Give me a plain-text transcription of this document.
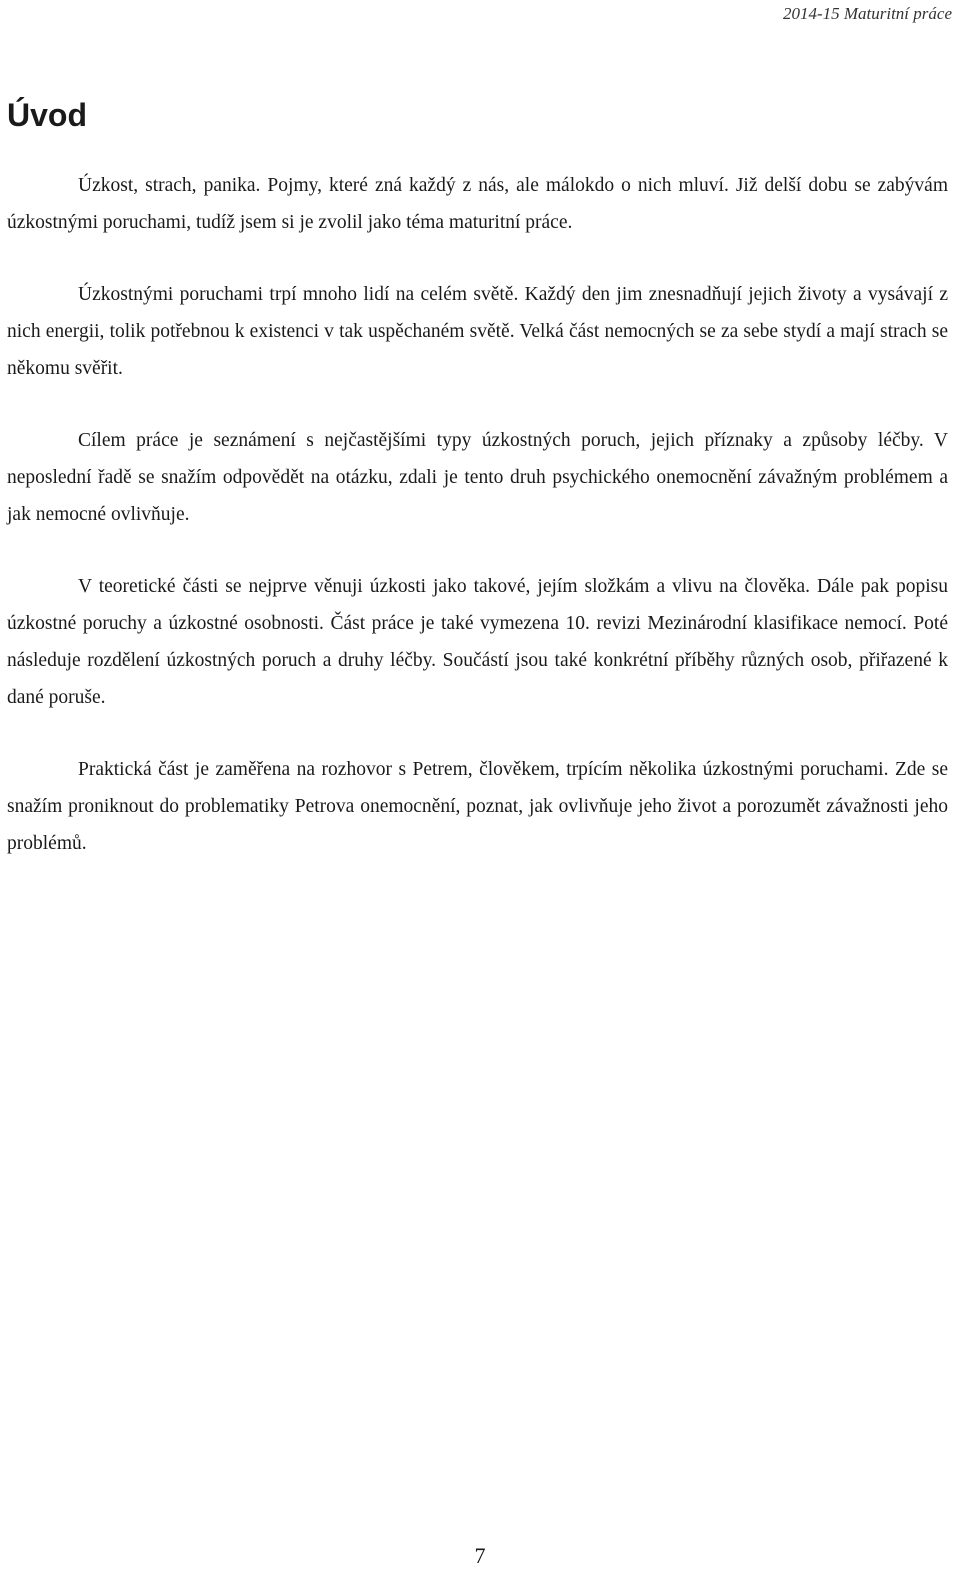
2014-15 Maturitní práce
Úvod

Úzkost, strach, panika. Pojmy, které zná každý z nás, ale málokdo o nich mluví. Již delší dobu se zabývám úzkostnými poruchami, tudíž jsem si je zvolil jako téma maturitní práce.

Úzkostnými poruchami trpí mnoho lidí na celém světě. Každý den jim znesnadňují jejich životy a vysávají z nich energii, tolik potřebnou k existenci v tak uspěchaném světě. Velká část nemocných se za sebe stydí a mají strach se někomu svěřit.

Cílem práce je seznámení s nejčastějšími typy úzkostných poruch, jejich příznaky a způsoby léčby. V neposlední řadě se snažím odpovědět na otázku, zdali je tento druh psychického onemocnění závažným problémem a jak nemocné ovlivňuje.

V teoretické části se nejprve věnuji úzkosti jako takové, jejím složkám a vlivu na člověka. Dále pak popisu úzkostné poruchy a úzkostné osobnosti. Část práce je také vymezena 10. revizi Mezinárodní klasifikace nemocí. Poté následuje rozdělení úzkostných poruch a druhy léčby. Součástí jsou také konkrétní příběhy různých osob, přiřazené k dané poruše.

Praktická část je zaměřena na rozhovor s Petrem, člověkem, trpícím několika úzkostnými poruchami. Zde se snažím proniknout do problematiky Petrova onemocnění, poznat, jak ovlivňuje jeho život a porozumět závažnosti jeho problémů.

7
